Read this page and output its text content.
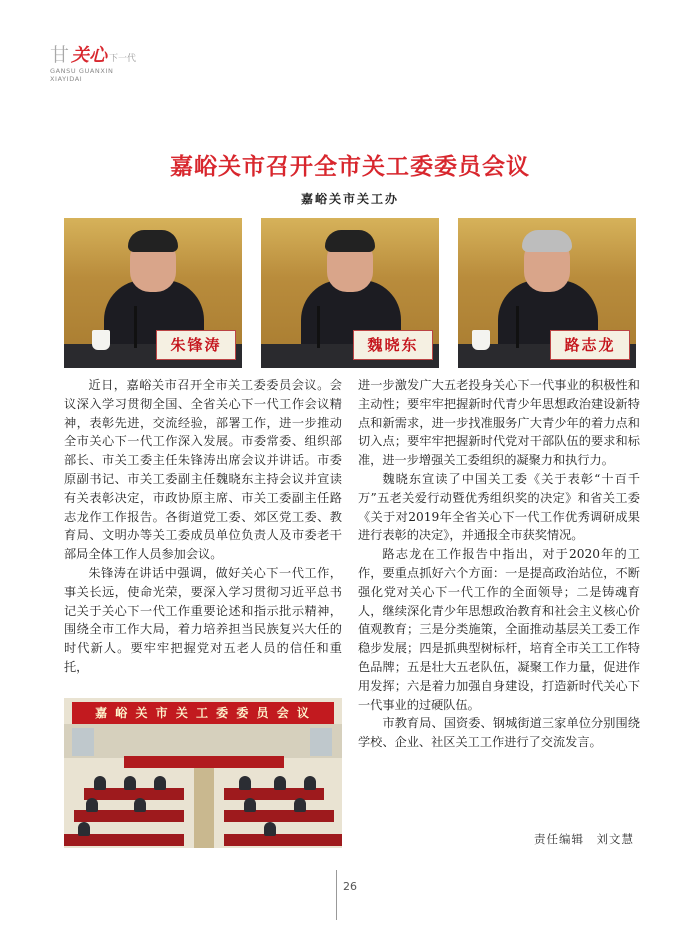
甘 关心 下一代
GANSU GUANXIN
XIAYIDAI
嘉峪关市召开全市关工委委员会议
嘉峪关市关工办
朱锋涛	魏晓东	路志龙

近日，嘉峪关市召开全市关工委委员会议。会议深入学习贯彻全国、全省关心下一代工作会议精神，表彰先进，交流经验，部署工作，进一步推动全市关心下一代工作深入发展。市委常委、组织部部长、市关工委主任朱锋涛出席会议并讲话。市委原副书记、市关工委副主任魏晓东主持会议并宣读有关表彰决定，市政协原主席、市关工委副主任路志龙作工作报告。各街道党工委、郊区党工委、教育局、文明办等关工委成员单位负责人及市委老干部局全体工作人员参加会议。

朱锋涛在讲话中强调，做好关心下一代工作，事关长远，使命光荣，要深入学习贯彻习近平总书记关于关心下一代工作重要论述和指示批示精神，围绕全市工作大局，着力培养担当民族复兴大任的时代新人。要牢牢把握党对五老人员的信任和重托，

嘉 峪 关 市 关 工 委 委 员 会 议

进一步激发广大五老投身关心下一代事业的积极性和主动性；要牢牢把握新时代青少年思想政治建设新特点和新需求，进一步找准服务广大青少年的着力点和切入点；要牢牢把握新时代党对干部队伍的要求和标准，进一步增强关工委组织的凝聚力和执行力。

魏晓东宣读了中国关工委《关于表彰“十百千万”五老关爱行动暨优秀组织奖的决定》和省关工委《关于对2019年全省关心下一代工作优秀调研成果进行表彰的决定》，并通报全市获奖情况。

路志龙在工作报告中指出，对于2020年的工作，要重点抓好六个方面：一是提高政治站位，不断强化党对关心下一代工作的全面领导；二是铸魂育人，继续深化青少年思想政治教育和社会主义核心价值观教育；三是分类施策，全面推动基层关工委工作稳步发展；四是抓典型树标杆，培育全市关工工作特色品牌；五是壮大五老队伍，凝聚工作力量，促进作用发挥；六是着力加强自身建设，打造新时代关心下一代事业的过硬队伍。

市教育局、国资委、钢城街道三家单位分别围绕学校、企业、社区关工工作进行了交流发言。

责任编辑　刘文慧
26
